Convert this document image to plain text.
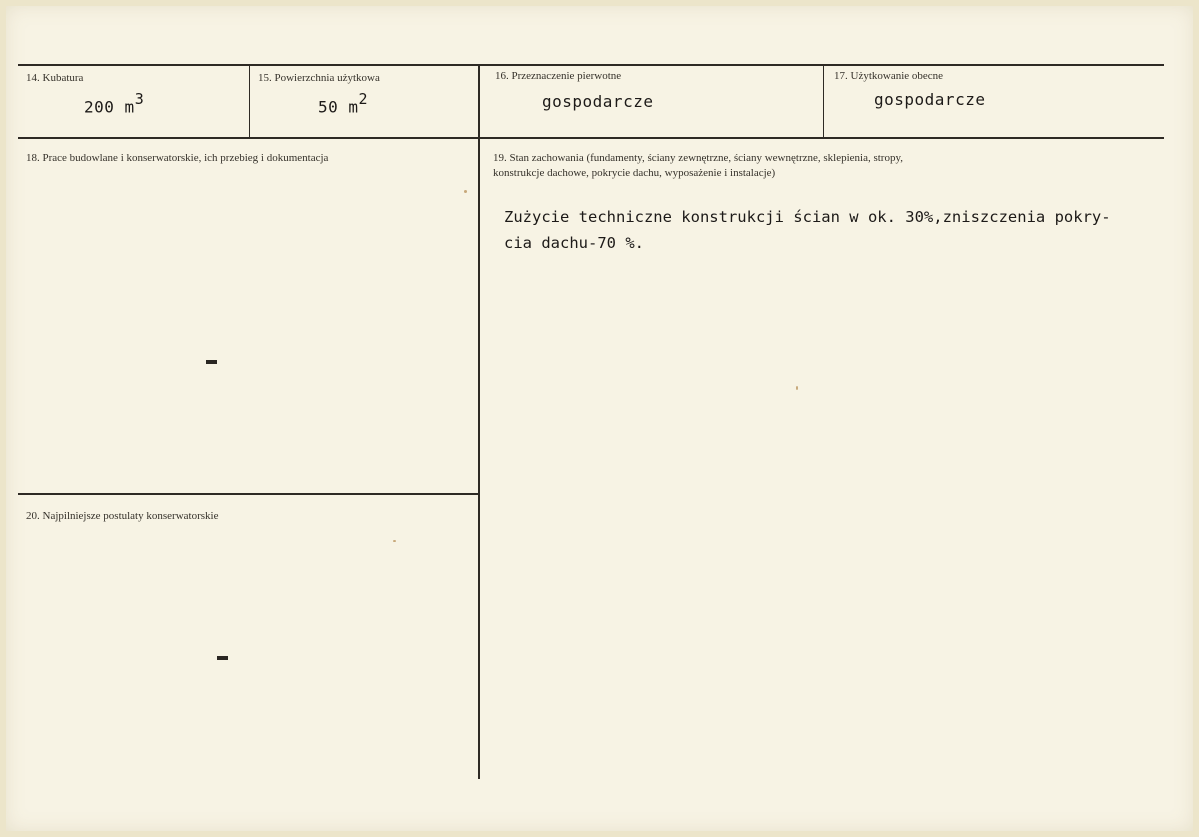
14. Kubatura
200 $m^3$
15. Powierzchnia użytkowa
50 $m^2$
16. Przeznaczenie pierwotne
gospodarcze
17. Użytkowanie obecne
gospodarcze
18. Prace budowlane i konserwatorskie, ich przebieg i dokumentacja	19. Stan zachowania (fundamenty, ściany zewnętrzne, ściany wewnętrzne, sklepienia, stropy,
konstrukcje dachowe, pokrycie dachu, wyposażenie i instalacje)
Zużycie techniczne konstrukcji ścian w ok. 30%,zniszczenia pokry-
cia dachu-70 %.
20. Najpilniejsze postulaty konserwatorskie
